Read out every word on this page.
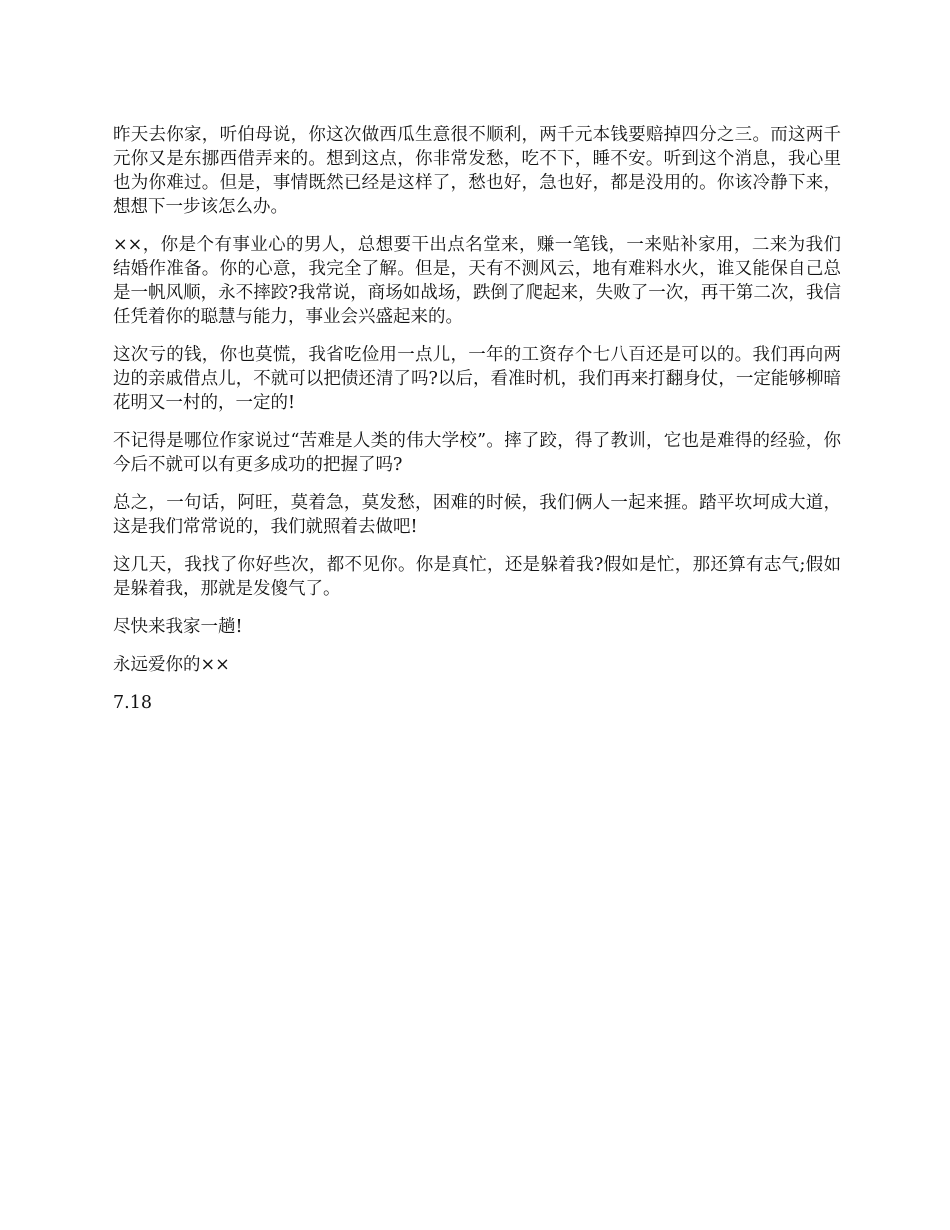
昨天去你家，听伯母说，你这次做西瓜生意很不顺利，两千元本钱要赔掉四分之三。而这两千元你又是东挪西借弄来的。想到这点，你非常发愁，吃不下，睡不安。听到这个消息，我心里也为你难过。但是，事情既然已经是这样了，愁也好，急也好，都是没用的。你该冷静下来，想想下一步该怎么办。

××，你是个有事业心的男人，总想要干出点名堂来，赚一笔钱，一来贴补家用，二来为我们结婚作准备。你的心意，我完全了解。但是，天有不测风云，地有难料水火，谁又能保自己总是一帆风顺，永不摔跤?我常说，商场如战场，跌倒了爬起来，失败了一次，再干第二次，我信任凭着你的聪慧与能力，事业会兴盛起来的。

这次亏的钱，你也莫慌，我省吃俭用一点儿，一年的工资存个七八百还是可以的。我们再向两边的亲戚借点儿，不就可以把债还清了吗?以后，看准时机，我们再来打翻身仗，一定能够柳暗花明又一村的，一定的!

不记得是哪位作家说过“苦难是人类的伟大学校”。摔了跤，得了教训，它也是难得的经验，你今后不就可以有更多成功的把握了吗?

总之，一句话，阿旺，莫着急，莫发愁，困难的时候，我们俩人一起来捱。踏平坎坷成大道，这是我们常常说的，我们就照着去做吧!

这几天，我找了你好些次，都不见你。你是真忙，还是躲着我?假如是忙，那还算有志气;假如是躲着我，那就是发傻气了。

尽快来我家一趟!

永远爱你的××

7.18
